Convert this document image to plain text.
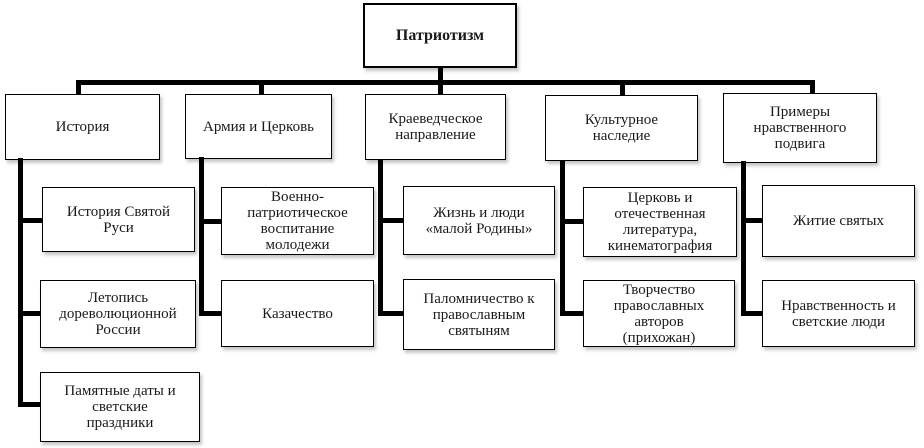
Патриотизм
История	Армия и Церковь	Краеведческое направление
Культурное наследие
Примеры нравственного подвига
История Святой Руси
Летопись дореволюционной России
Памятные даты и светские праздники
Военно-патриотическое воспитание молодежи
Казачество
Жизнь и люди «малой Родины»
Паломничество к православным святыням
Церковь и отечественная литература, кинематография
Творчество православных авторов (прихожан)
Житие святых
Нравственность и светские люди
